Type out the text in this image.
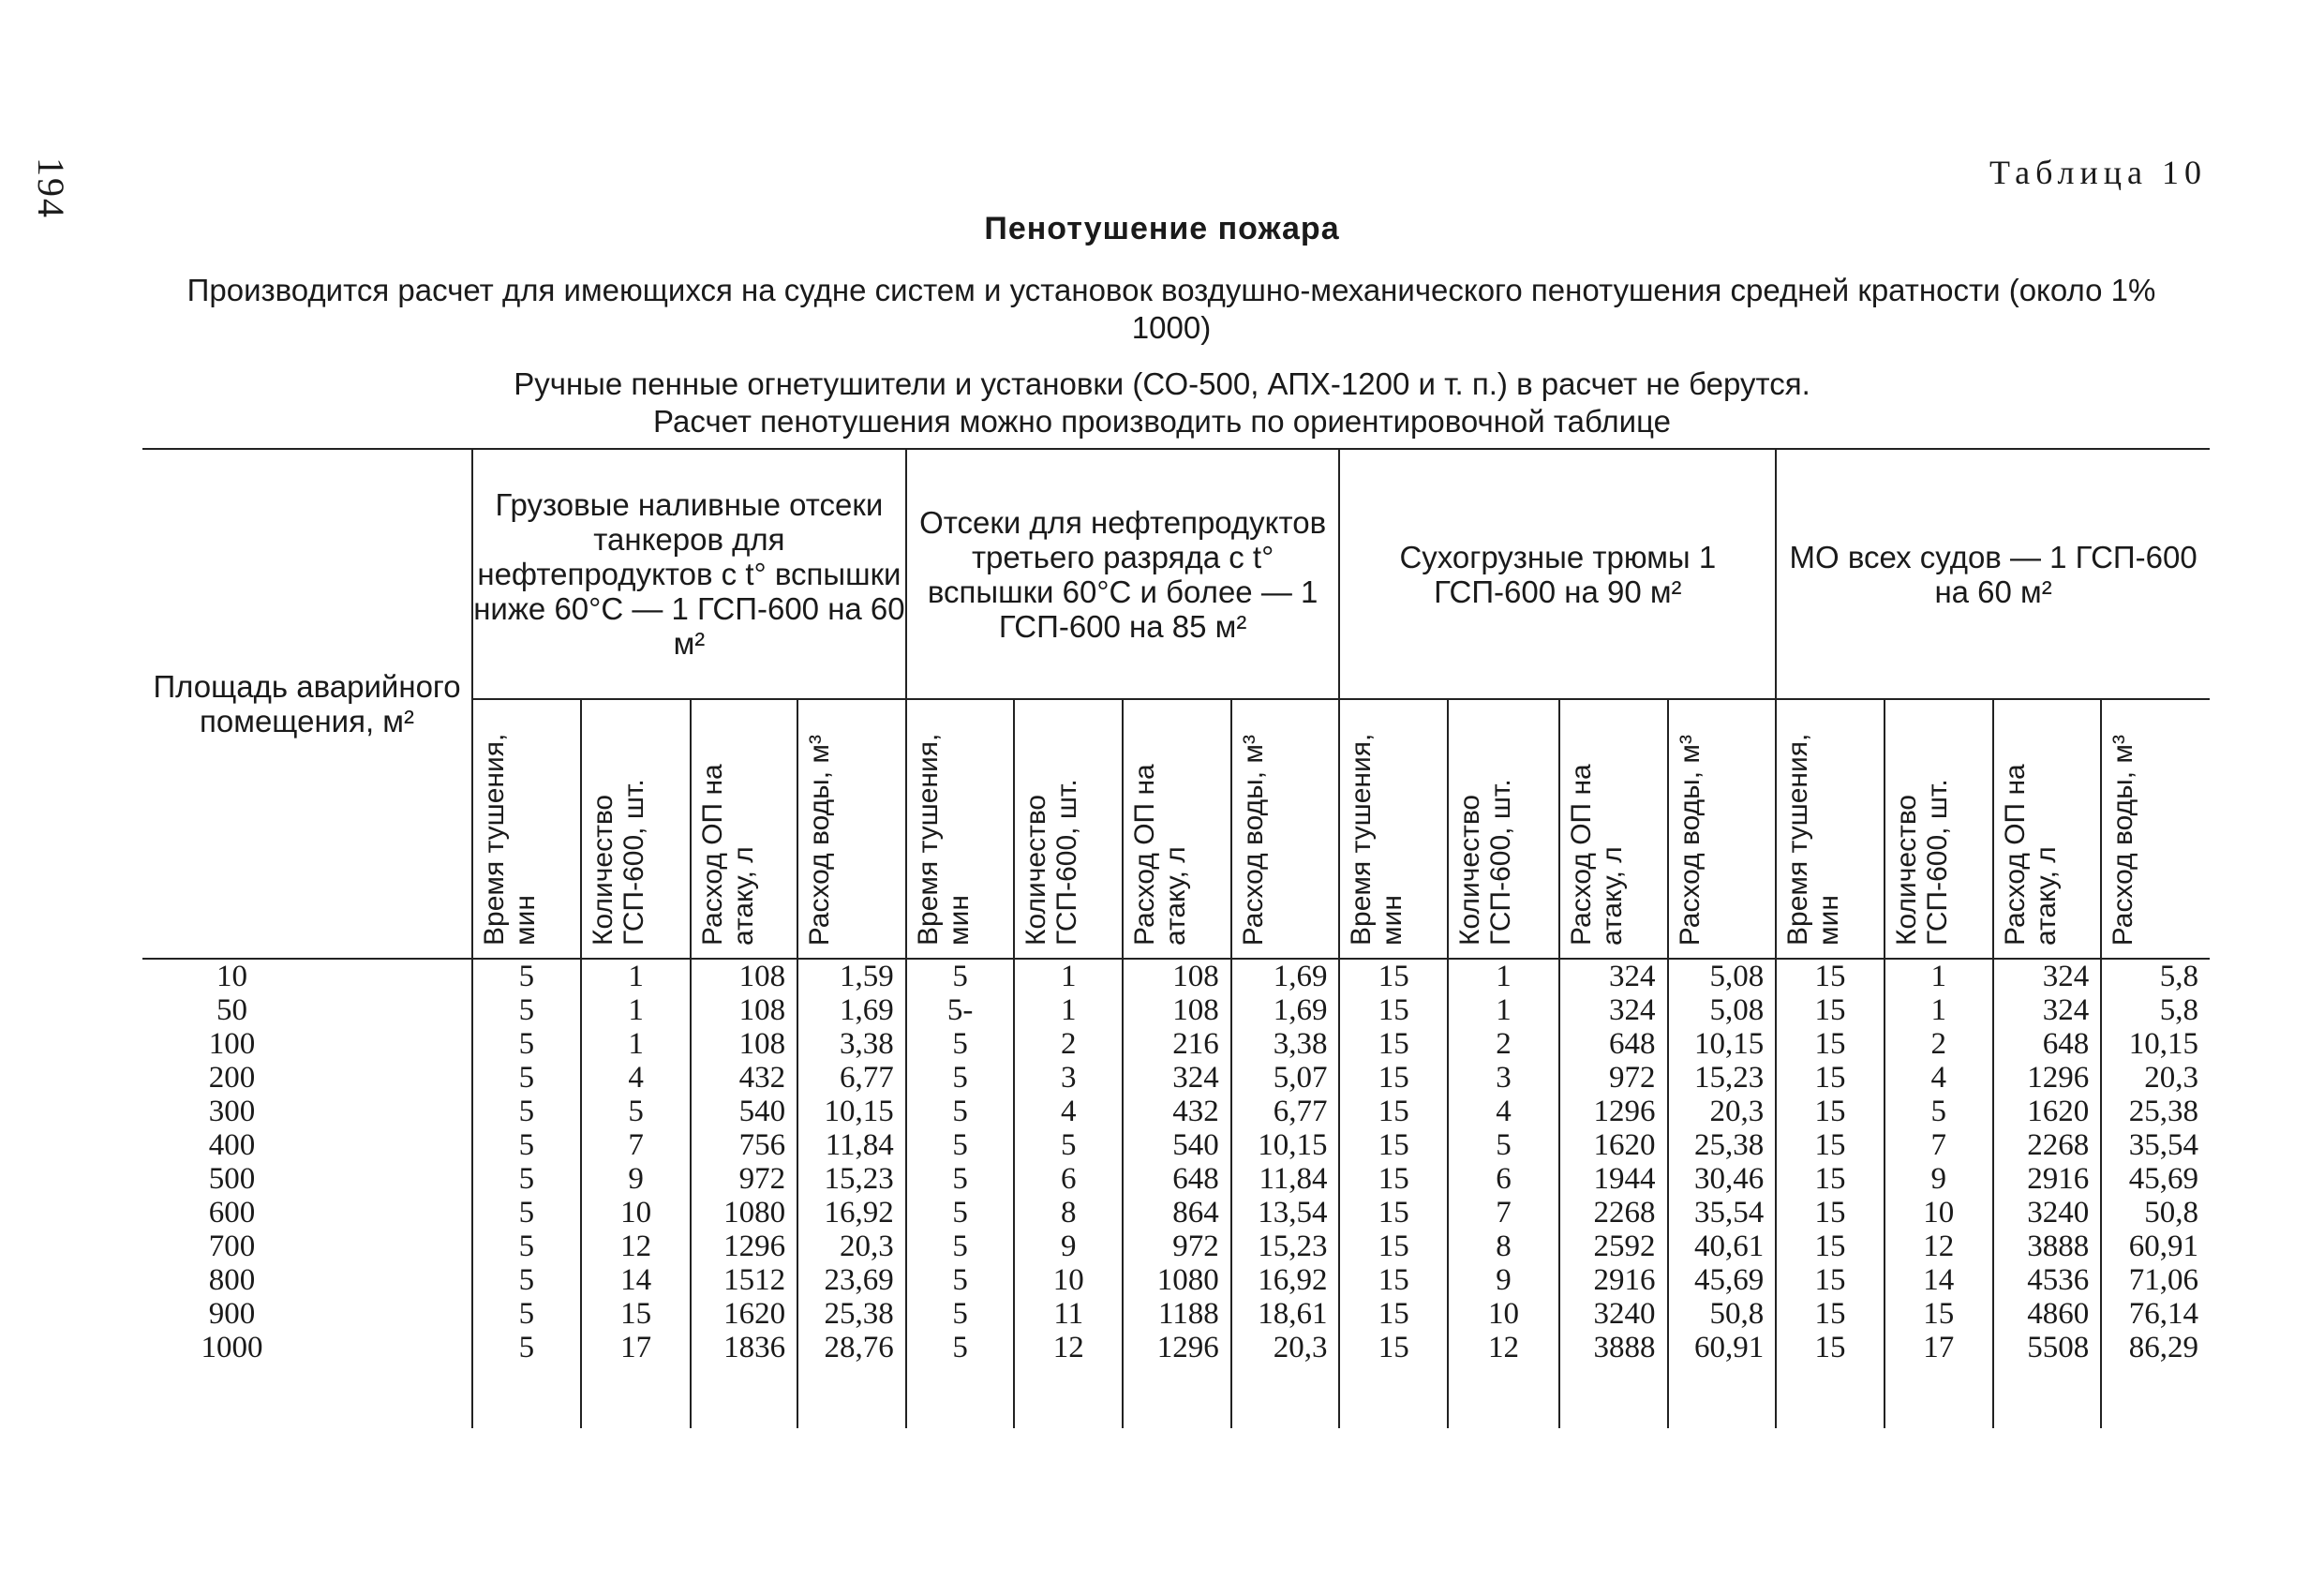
194	Таблица 10
Пенотушение пожара
Производится расчет для имеющихся на судне систем и установок воздушно-механического пенотушения средней кратности (около 1% 1000)
Ручные пенные огнетушители и установки (СО-500, АПХ-1200 и т. п.) в расчет не берутся.
Расчет пенотушения можно производить по ориентировочной таблице
Площадь аварийного помещения, м²	Грузовые наливные отсеки танкеров для нефтепродуктов с t° вспышки ниже 60°С — 1 ГСП-600 на 60 м²				Отсеки для нефтепродуктов третьего разряда с t° вспышки 60°С и более — 1 ГСП-600 на 85 м²				Сухогрузные трюмы 1 ГСП-600 на 90 м²				МО всех судов — 1 ГСП-600 на 60 м²			
	Время тушения, мин	Количество ГСП-600, шт.	Расход ОП на атаку, л	Расход воды, м³	Время тушения, мин	Количество ГСП-600, шт.	Расход ОП на атаку, л	Расход воды, м³	Время тушения, мин	Количество ГСП-600, шт.	Расход ОП на атаку, л	Расход воды, м³	Время тушения, мин	Количество ГСП-600, шт.	Расход ОП на атаку, л	Расход воды, м³
10	5	1	108	1,59	5	1	108	1,69	15	1	324	5,08	15	1	324	5,8
50	5	1	108	1,69	5-	1	108	1,69	15	1	324	5,08	15	1	324	5,8
100	5	1	108	3,38	5	2	216	3,38	15	2	648	10,15	15	2	648	10,15
200	5	4	432	6,77	5	3	324	5,07	15	3	972	15,23	15	4	1296	20,3
300	5	5	540	10,15	5	4	432	6,77	15	4	1296	20,3	15	5	1620	25,38
400	5	7	756	11,84	5	5	540	10,15	15	5	1620	25,38	15	7	2268	35,54
500	5	9	972	15,23	5	6	648	11,84	15	6	1944	30,46	15	9	2916	45,69
600	5	10	1080	16,92	5	8	864	13,54	15	7	2268	35,54	15	10	3240	50,8
700	5	12	1296	20,3	5	9	972	15,23	15	8	2592	40,61	15	12	3888	60,91
800	5	14	1512	23,69	5	10	1080	16,92	15	9	2916	45,69	15	14	4536	71,06
900	5	15	1620	25,38	5	11	1188	18,61	15	10	3240	50,8	15	15	4860	76,14
1000	5	17	1836	28,76	5	12	1296	20,3	15	12	3888	60,91	15	17	5508	86,29
